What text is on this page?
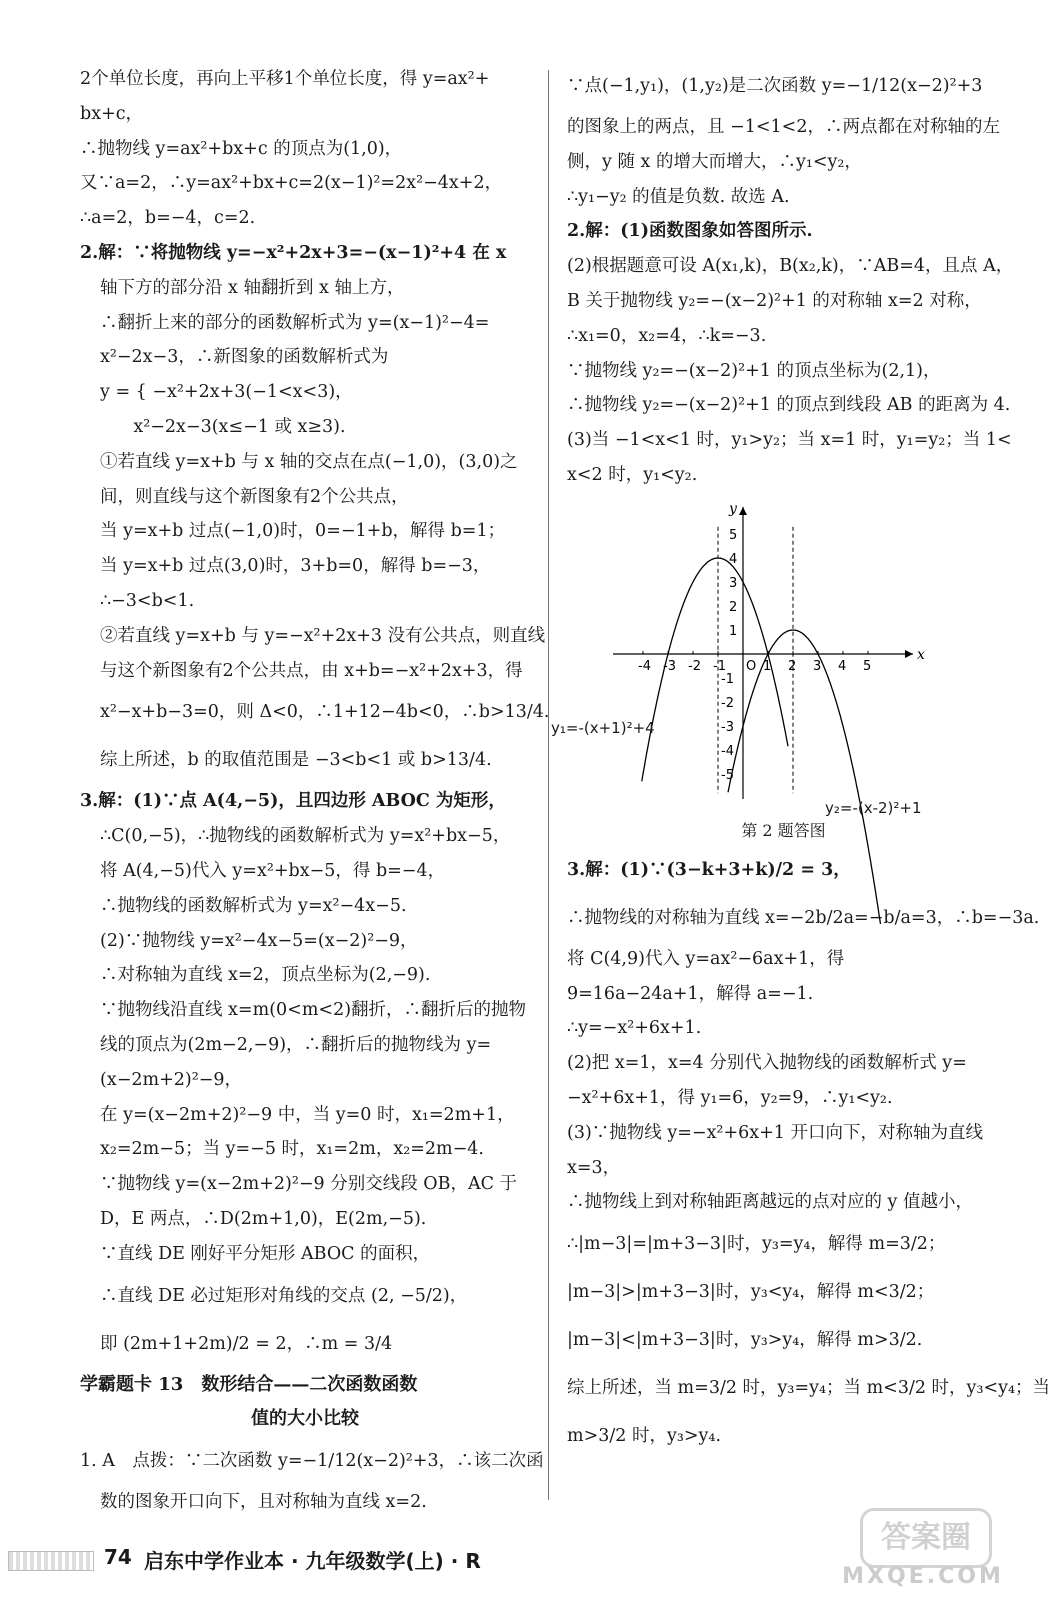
2个单位长度，再向上平移1个单位长度，得 y=ax²+
bx+c，
∴抛物线 y=ax²+bx+c 的顶点为(1,0)，
又∵a=2，∴y=ax²+bx+c=2(x−1)²=2x²−4x+2，
∴a=2，b=−4，c=2.
2.解：∵将抛物线 y=−x²+2x+3=−(x−1)²+4 在 x
轴下方的部分沿 x 轴翻折到 x 轴上方，
∴翻折上来的部分的函数解析式为 y=(x−1)²−4=
x²−2x−3，∴新图象的函数解析式为
y = { −x²+2x+3(−1<x<3)，
x²−2x−3(x≤−1 或 x≥3).
①若直线 y=x+b 与 x 轴的交点在点(−1,0)，(3,0)之
间，则直线与这个新图象有2个公共点，
当 y=x+b 过点(−1,0)时，0=−1+b，解得 b=1；
当 y=x+b 过点(3,0)时，3+b=0，解得 b=−3，
∴−3<b<1.
②若直线 y=x+b 与 y=−x²+2x+3 没有公共点，则直线
与这个新图象有2个公共点，由 x+b=−x²+2x+3，得
x²−x+b−3=0，则 Δ<0，∴1+12−4b<0，∴b>13/4.
综上所述，b 的取值范围是 −3<b<1 或 b>13/4.
3.解：(1)∵点 A(4,−5)，且四边形 ABOC 为矩形，
∴C(0,−5)，∴抛物线的函数解析式为 y=x²+bx−5，
将 A(4,−5)代入 y=x²+bx−5，得 b=−4，
∴抛物线的函数解析式为 y=x²−4x−5.
(2)∵抛物线 y=x²−4x−5=(x−2)²−9，
∴对称轴为直线 x=2，顶点坐标为(2,−9).
∵抛物线沿直线 x=m(0<m<2)翻折，∴翻折后的抛物
线的顶点为(2m−2,−9)，∴翻折后的抛物线为 y=
(x−2m+2)²−9，
在 y=(x−2m+2)²−9 中，当 y=0 时，x₁=2m+1，
x₂=2m−5；当 y=−5 时，x₁=2m，x₂=2m−4.
∵抛物线 y=(x−2m+2)²−9 分别交线段 OB，AC 于
D，E 两点，∴D(2m+1,0)，E(2m,−5).
∵直线 DE 刚好平分矩形 ABOC 的面积，
∴直线 DE 必过矩形对角线的交点 (2, −5/2)，
即 (2m+1+2m)/2 = 2，∴m = 3/4
学霸题卡 13　数形结合——二次函数函数
值的大小比较
1. A　点拨：∵二次函数 y=−1/12(x−2)²+3，∴该二次函
数的图象开口向下，且对称轴为直线 x=2.
∵点(−1,y₁)，(1,y₂)是二次函数 y=−1/12(x−2)²+3
的图象上的两点，且 −1<1<2，∴两点都在对称轴的左
侧，y 随 x 的增大而增大，∴y₁<y₂，
∴y₁−y₂ 的值是负数. 故选 A.
2.解：(1)函数图象如答图所示.
(2)根据题意可设 A(x₁,k)，B(x₂,k)，∵AB=4，且点 A，
B 关于抛物线 y₂=−(x−2)²+1 的对称轴 x=2 对称，
∴x₁=0，x₂=4，∴k=−3.
∵抛物线 y₂=−(x−2)²+1 的顶点坐标为(2,1)，
∴抛物线 y₂=−(x−2)²+1 的顶点到线段 AB 的距离为 4.
(3)当 −1<x<1 时，y₁>y₂；当 x=1 时，y₁=y₂；当 1<
x<2 时，y₁<y₂.
x
y
-4 -3 -2 -1 O 1 2 3 4 5
5
4
3
2
1
-1
-2
-3
-4
-5
y₁=-(x+1)²+4
y₂=-(x-2)²+1
第 2 题答图
3.解：(1)∵(3−k+3+k)/2 = 3，
∴抛物线的对称轴为直线 x=−2b/2a=−b/a=3，∴b=−3a.
将 C(4,9)代入 y=ax²−6ax+1，得
9=16a−24a+1，解得 a=−1.
∴y=−x²+6x+1.
(2)把 x=1，x=4 分别代入抛物线的函数解析式 y=
−x²+6x+1，得 y₁=6，y₂=9，∴y₁<y₂.
(3)∵抛物线 y=−x²+6x+1 开口向下，对称轴为直线
x=3，
∴抛物线上到对称轴距离越远的点对应的 y 值越小，
∴|m−3|=|m+3−3|时，y₃=y₄，解得 m=3/2；
|m−3|>|m+3−3|时，y₃<y₄，解得 m<3/2；
|m−3|<|m+3−3|时，y₃>y₄，解得 m>3/2.
综上所述，当 m=3/2 时，y₃=y₄；当 m<3/2 时，y₃<y₄；当
m>3/2 时，y₃>y₄.
74 启东中学作业本 · 九年级数学(上) · R
答案圈
MXQE.COM
